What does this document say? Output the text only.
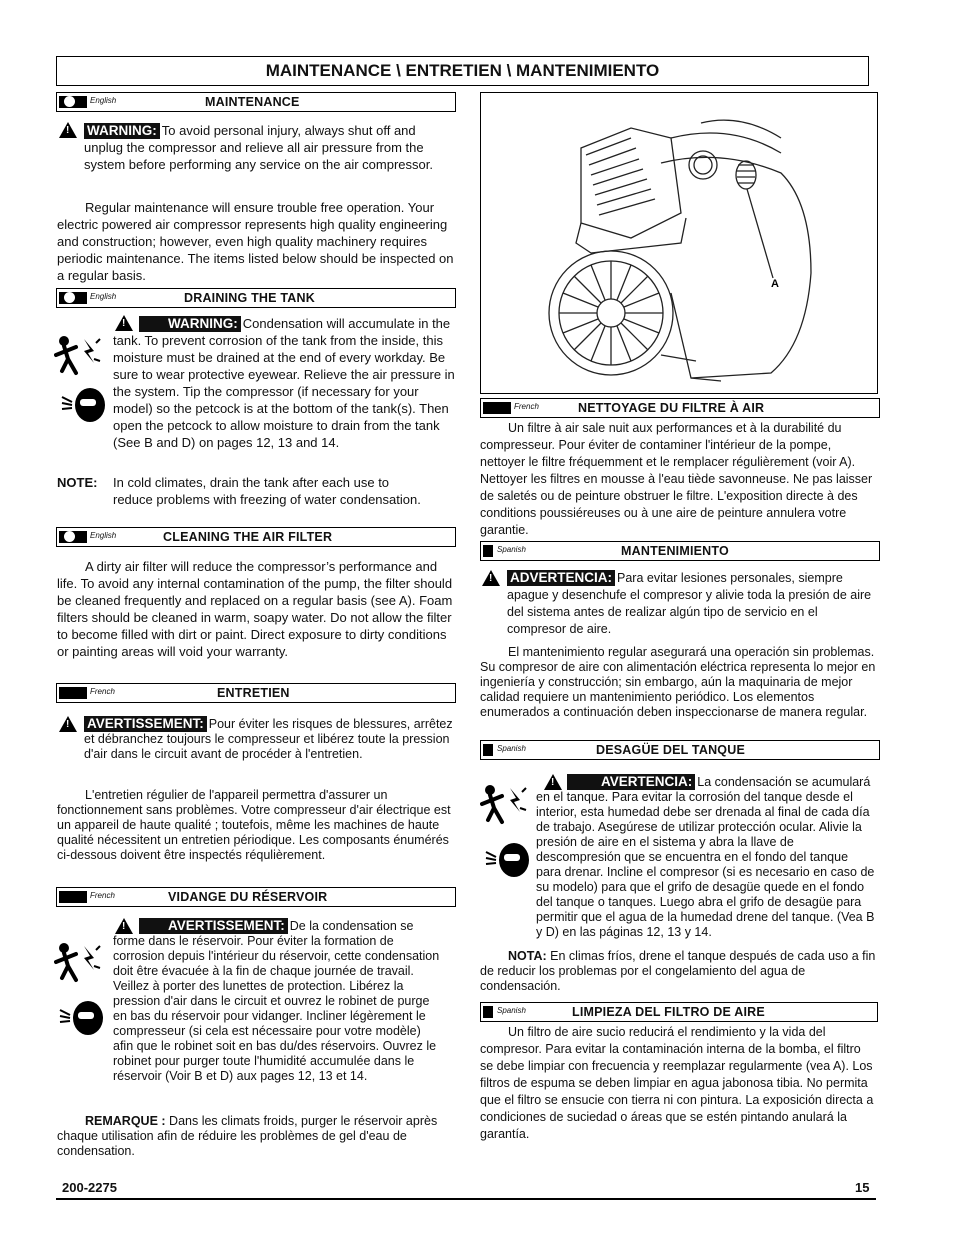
MAINTENANCE \ ENTRETIEN \ MANTENIMIENTO
English	MAINTENANCE
!
WARNING: To avoid personal injury, always shut off and unplug the compressor and relieve all air pressure from the system before performing any service on the air compressor.
Regular maintenance will ensure trouble free operation. Your electric powered air compressor represents high quality engineering and construction; however, even high quality machinery requires periodic maintenance. The items listed below should be inspected on a regular basis.
English	DRAINING THE TANK
!
WARNING: Condensation will accumulate in the tank. To prevent corrosion of the tank from the inside, this moisture must be drained at the end of every workday. Be sure to wear protective eyewear. Relieve the air pressure in the system. Tip the compressor (if necessary for your model) so the petcock is at the bottom of the tank(s). Then open the petcock to allow moisture to drain from the tank (See B and D) on pages 12, 13 and 14.
NOTE:	In cold climates, drain the tank after each use to reduce problems with freezing of water condensation.
English	CLEANING THE AIR FILTER
A dirty air filter will reduce the compressor’s performance and life. To avoid any internal contamination of the pump, the filter should be cleaned frequently and replaced on a regular basis (see A). Foam filters should be cleaned in warm, soapy water. Do not allow the filter to become filled with dirt or paint. Direct exposure to dirty conditions or painting areas will void your warranty.
French	ENTRETIEN
!
AVERTISSEMENT: Pour éviter les risques de blessures, arrêtez et débranchez toujours le compresseur et libérez toute la pression d'air dans le circuit avant de procéder à l'entretien.
L'entretien régulier de l'appareil permettra d'assurer un fonctionnement sans problèmes. Votre compresseur d'air électrique est un appareil de haute qualité ; toutefois, même les machines de haute qualité nécessitent un entretien périodique. Les composants énumérés ci-dessous doivent être inspectés réqulièrement.
French	VIDANGE DU RÉSERVOIR
!
AVERTISSEMENT: De la condensation se forme dans le réservoir. Pour éviter la formation de corrosion depuis l'intérieur du réservoir, cette condensation doit être évacuée à la fin de chaque journée de travail. Veillez à porter des lunettes de protection. Libérez la pression d'air dans le circuit et ouvrez le robinet de purge en bas du réservoir pour vidanger. Incliner légèrement le compresseur (si cela est nécessaire pour votre modèle) afin que le robinet soit en bas du/des réservoirs. Ouvrez le robinet pour purger toute l'humidité accumulée dans le réservoir (Voir B et D) aux pages 12, 13 et 14.
REMARQUE : Dans les climats froids, purger le réservoir après chaque utilisation afin de réduire les problèmes de gel d'eau de condensation.
A
French	NETTOYAGE DU FILTRE À AIR
Un filtre à air sale nuit aux performances et à la durabilité du compresseur. Pour éviter de contaminer l'intérieur de la pompe, nettoyer le filtre fréquemment et le remplacer régulièrement (voir A). Nettoyer les filtres en mousse à l'eau tiède savonneuse. Ne pas laisser de saletés ou de peinture obstruer le filtre. L'exposition directe à des conditions poussiéreuses ou à une aire de peinture annulera votre garantie.
Spanish	MANTENIMIENTO
!
ADVERTENCIA: Para evitar lesiones personales, siempre apague y desenchufe el compresor y alivie toda la presión de aire del sistema antes de realizar algún tipo de servicio en el compresor de aire.
El mantenimiento regular asegurará una operación sin problemas. Su compresor de aire con alimentación eléctrica representa lo mejor en ingeniería y construcción; sin embargo, aún la maquinaria de mejor calidad requiere un mantenimiento periódico. Los elementos enumerados a continuación deben inspeccionarse de manera regular.
Spanish	DESAGÜE DEL TANQUE
!
AVERTENCIA: La condensación se acumulará en el tanque. Para evitar la corrosión del tanque desde el interior, esta humedad debe ser drenada al final de cada día de trabajo. Asegúrese de utilizar protección ocular. Alivie la presión de aire en el sistema y abra la llave de descompresión que se encuentra en el fondo del tanque para drenar. Incline el compresor (si es necesario en caso de su modelo) para que el grifo de desagüe quede en el fondo del tanque o tanques. Luego abra el grifo de desagüe para permitir que el agua de la humedad drene del tanque. (Vea B y D) en las páginas 12, 13 y 14.
NOTA: En climas fríos, drene el tanque después de cada uso a fin de reducir los problemas por el congelamiento del agua de condensación.
Spanish	LIMPIEZA DEL FILTRO DE AIRE
Un filtro de aire sucio reducirá el rendimiento y la vida del compresor. Para evitar la contaminación interna de la bomba, el filtro se debe limpiar con frecuencia y reemplazar regularmente (vea A). Los filtros de espuma se deben limpiar en agua jabonosa tibia. No permita que el filtro se ensucie con tierra ni con pintura. La exposición directa a condiciones de suciedad o áreas que se estén pintando anulará la garantía.
200-2275	15
